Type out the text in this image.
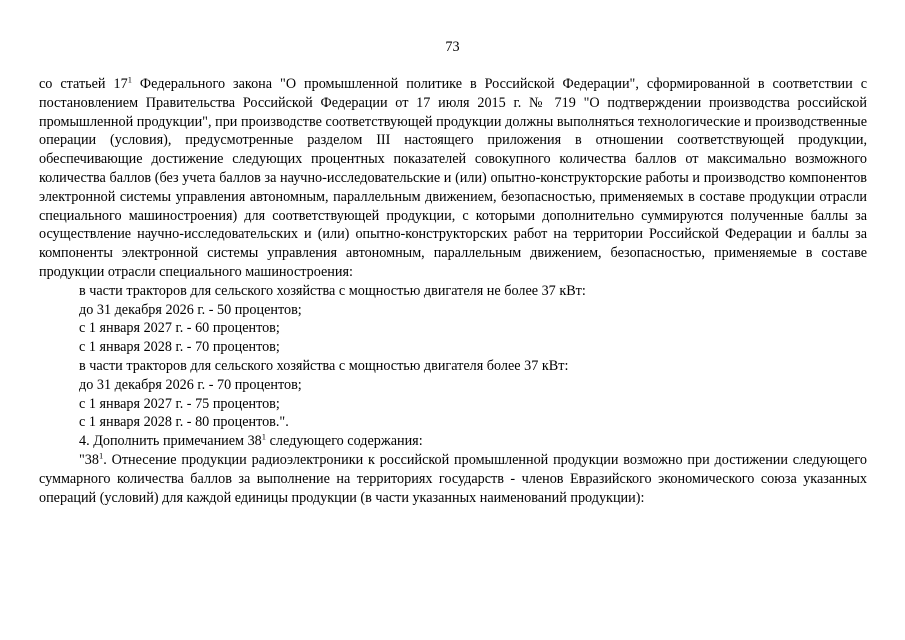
73

со статьей $17^1$ Федерального закона "О промышленной политике в Российской Федерации", сформированной в соответствии с постановлением Правительства Российской Федерации от 17 июля 2015 г. № 719 "О подтверждении производства российской промышленной продукции", при производстве соответствующей продукции должны выполняться технологические и производственные операции (условия), предусмотренные разделом III настоящего приложения в отношении соответствующей продукции, обеспечивающие достижение следующих процентных показателей совокупного количества баллов от максимально возможного количества баллов (без учета баллов за научно-исследовательские и (или) опытно-конструкторские работы и производство компонентов электронной системы управления автономным, параллельным движением, безопасностью, применяемых в составе продукции отрасли специального машиностроения) для соответствующей продукции, с которыми дополнительно суммируются полученные баллы за осуществление научно-исследовательских и (или) опытно-конструкторских работ на территории Российской Федерации и баллы за компоненты электронной системы управления автономным, параллельным движением, безопасностью, применяемые в составе продукции отрасли специального машиностроения:

в части тракторов для сельского хозяйства с мощностью двигателя не более 37 кВт:

до 31 декабря 2026 г. - 50 процентов;

с 1 января 2027 г. - 60 процентов;

с 1 января 2028 г. - 70 процентов;

в части тракторов для сельского хозяйства с мощностью двигателя более 37 кВт:

до 31 декабря 2026 г. - 70 процентов;

с 1 января 2027 г. - 75 процентов;

с 1 января 2028 г. - 80 процентов.".

4. Дополнить примечанием $38^1$ следующего содержания:

"$38^1$. Отнесение продукции радиоэлектроники к российской промышленной продукции возможно при достижении следующего суммарного количества баллов за выполнение на территориях государств - членов Евразийского экономического союза указанных операций (условий) для каждой единицы продукции (в части указанных наименований продукции):
